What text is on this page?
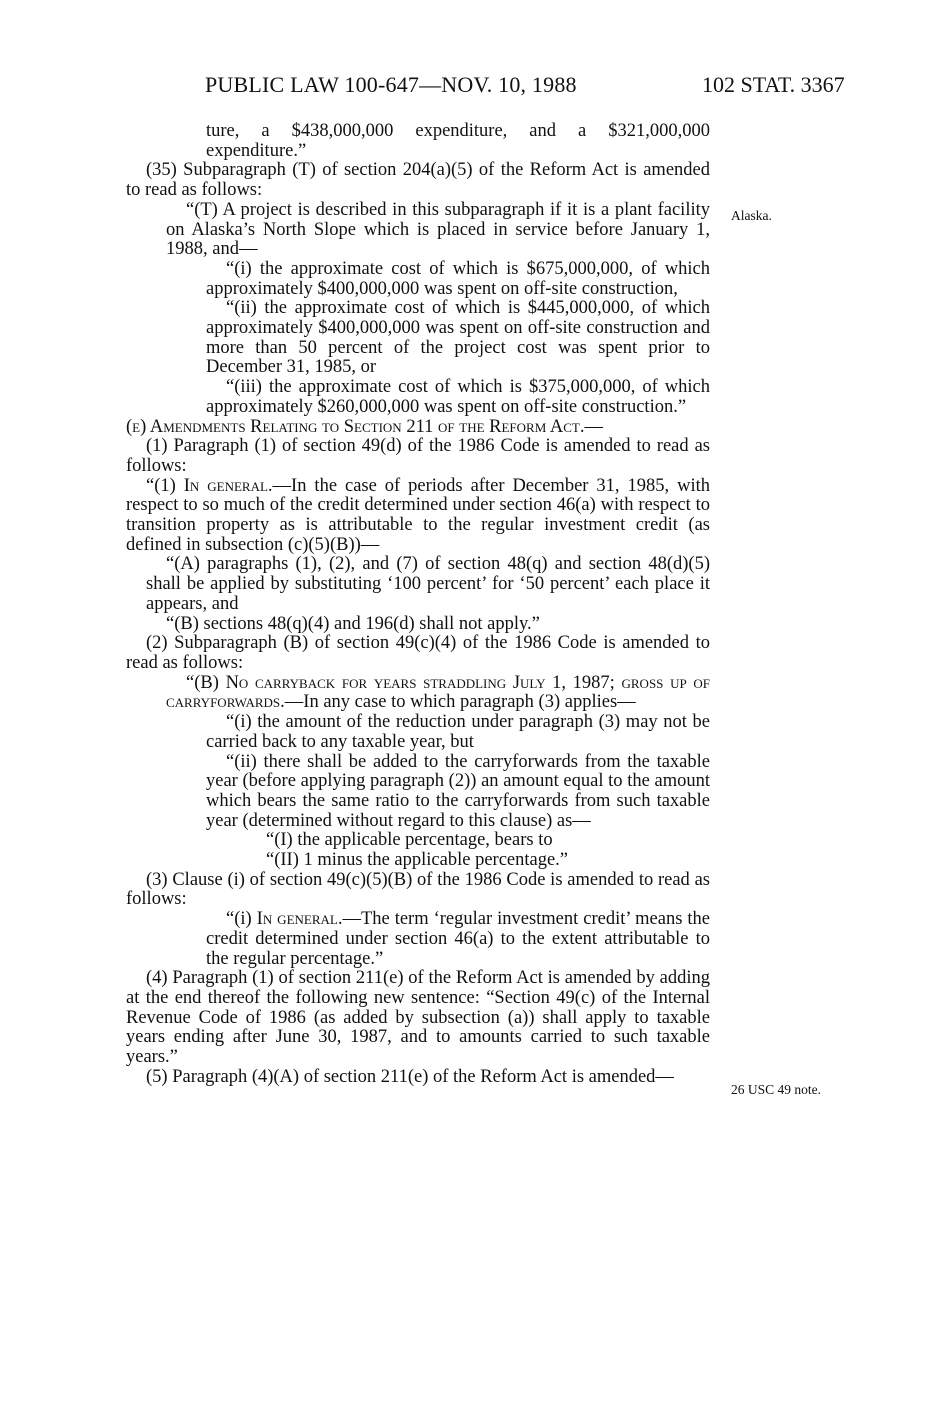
PUBLIC LAW 100-647—NOV. 10, 1988	102 STAT. 3367
Alaska.
26 USC 49 note.

ture, a $438,000,000 expenditure, and a $321,000,000 expenditure.”

(35) Subparagraph (T) of section 204(a)(5) of the Reform Act is amended to read as follows:

“(T) A project is described in this subparagraph if it is a plant facility on Alaska’s North Slope which is placed in service before January 1, 1988, and—

“(i) the approximate cost of which is $675,000,000, of which approximately $400,000,000 was spent on off-site construction,

“(ii) the approximate cost of which is $445,000,000, of which approximately $400,000,000 was spent on off-site construction and more than 50 percent of the project cost was spent prior to December 31, 1985, or

“(iii) the approximate cost of which is $375,000,000, of which approximately $260,000,000 was spent on off-site construction.”

(e) Amendments Relating to Section 211 of the Reform Act.—

(1) Paragraph (1) of section 49(d) of the 1986 Code is amended to read as follows:

“(1) In general.—In the case of periods after December 31, 1985, with respect to so much of the credit determined under section 46(a) with respect to transition property as is attributable to the regular investment credit (as defined in subsection (c)(5)(B))—

“(A) paragraphs (1), (2), and (7) of section 48(q) and section 48(d)(5) shall be applied by substituting ‘100 percent’ for ‘50 percent’ each place it appears, and

“(B) sections 48(q)(4) and 196(d) shall not apply.”

(2) Subparagraph (B) of section 49(c)(4) of the 1986 Code is amended to read as follows:

“(B) No carryback for years straddling July 1, 1987; gross up of carryforwards.—In any case to which paragraph (3) applies—

“(i) the amount of the reduction under paragraph (3) may not be carried back to any taxable year, but

“(ii) there shall be added to the carryforwards from the taxable year (before applying paragraph (2)) an amount equal to the amount which bears the same ratio to the carryforwards from such taxable year (determined without regard to this clause) as—

“(I) the applicable percentage, bears to

“(II) 1 minus the applicable percentage.”

(3) Clause (i) of section 49(c)(5)(B) of the 1986 Code is amended to read as follows:

“(i) In general.—The term ‘regular investment credit’ means the credit determined under section 46(a) to the extent attributable to the regular percentage.”

(4) Paragraph (1) of section 211(e) of the Reform Act is amended by adding at the end thereof the following new sentence: “Section 49(c) of the Internal Revenue Code of 1986 (as added by subsection (a)) shall apply to taxable years ending after June 30, 1987, and to amounts carried to such taxable years.”

(5) Paragraph (4)(A) of section 211(e) of the Reform Act is amended—
